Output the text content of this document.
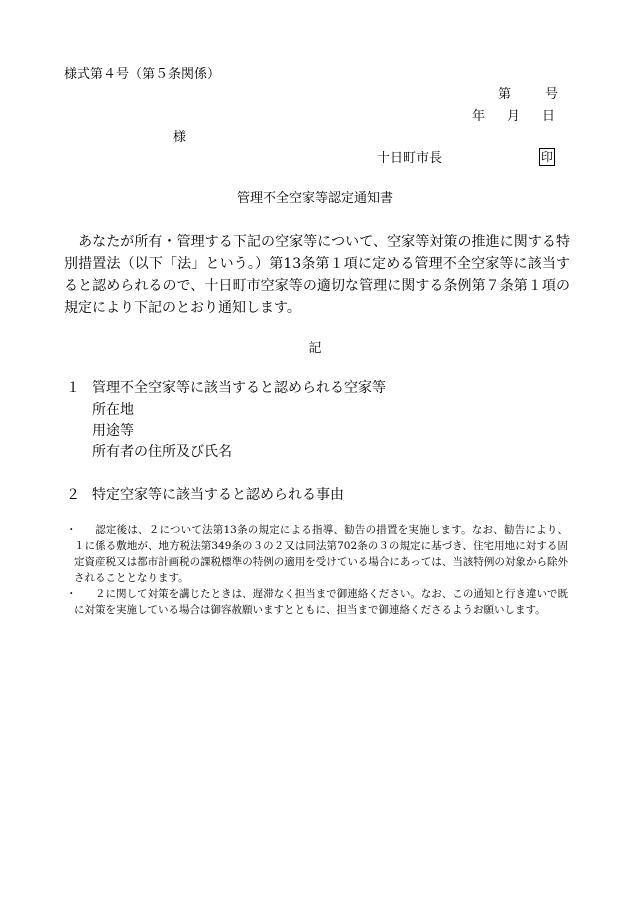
様式第４号（第５条関係）
第	号
年 月 日
様
十日町市長	印
管理不全空家等認定通知書
あなたが所有・管理する下記の空家等について、空家等対策の推進に関する特別措置法（以下「法」という。）第13条第１項に定める管理不全空家等に該当すると認められるので、十日町市空家等の適切な管理に関する条例第７条第１項の規定により下記のとおり通知します。
記
１ 管理不全空家等に該当すると認められる空家等
所在地
用途等
所有者の住所及び氏名
２ 特定空家等に該当すると認められる事由
・ 認定後は、２について法第13条の規定による指導、勧告の措置を実施します。なお、勧告により、１に係る敷地が、地方税法第349条の３の２又は同法第702条の３の規定に基づき、住宅用地に対する固定資産税又は都市計画税の課税標準の特例の適用を受けている場合にあっては、当該特例の対象から除外されることとなります。
・ ２に関して対策を講じたときは、遅滞なく担当まで御連絡ください。なお、この通知と行き違いで既に対策を実施している場合は御容赦願いますとともに、担当まで御連絡くださるようお願いします。
